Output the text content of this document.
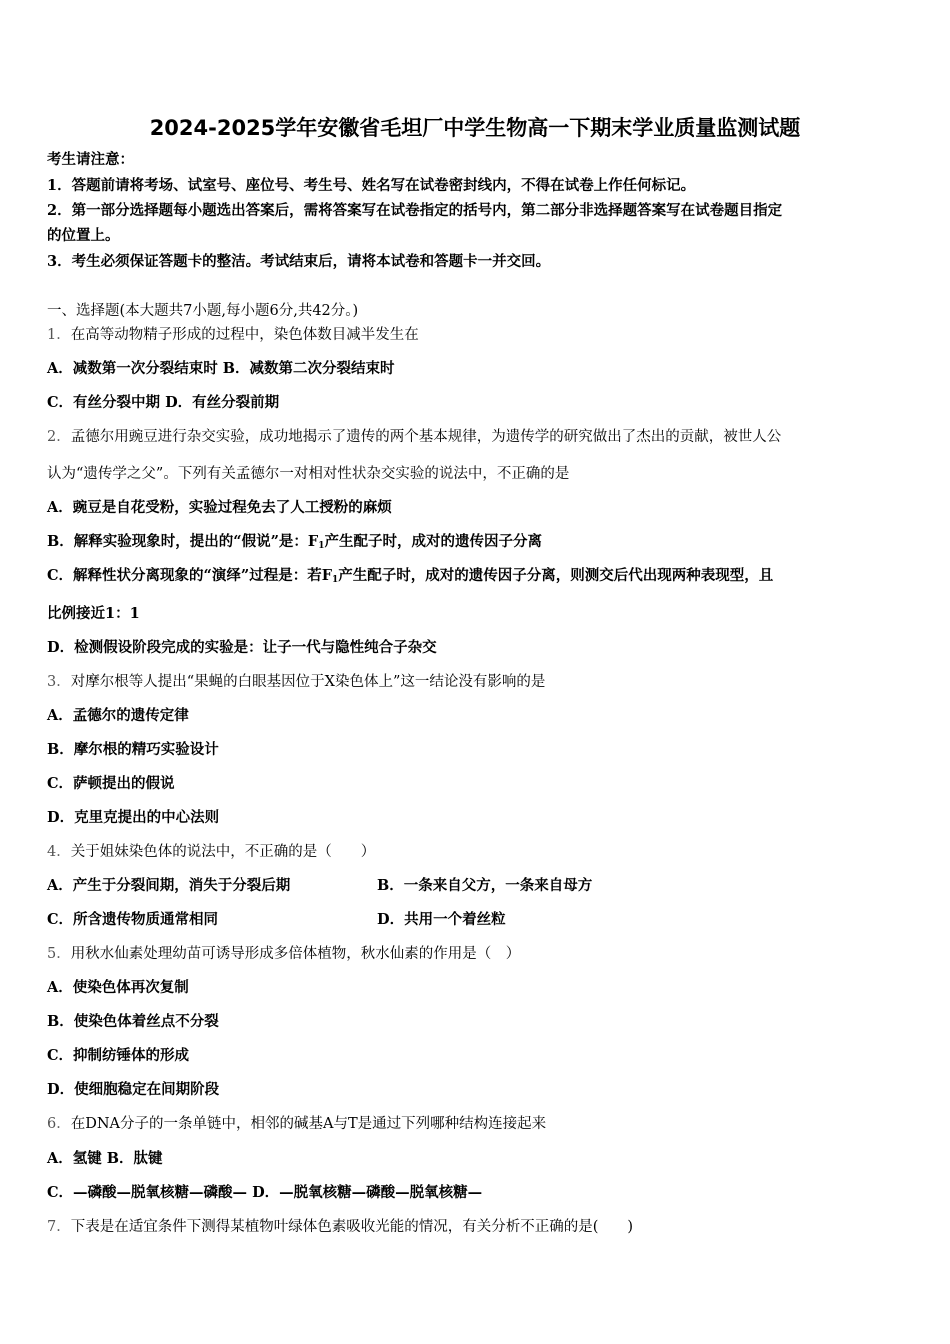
2024-2025学年安徽省毛坦厂中学生物高一下期末学业质量监测试题
考生请注意：
1．答题前请将考场、试室号、座位号、考生号、姓名写在试卷密封线内，不得在试卷上作任何标记。
2．第一部分选择题每小题选出答案后，需将答案写在试卷指定的括号内，第二部分非选择题答案写在试卷题目指定
的位置上。
3．考生必须保证答题卡的整洁。考试结束后，请将本试卷和答题卡一并交回。
一、选择题(本大题共7小题,每小题6分,共42分。)
1．在高等动物精子形成的过程中，染色体数目减半发生在
A．减数第一次分裂结束时 B．减数第二次分裂结束时
C．有丝分裂中期 D．有丝分裂前期
2．孟德尔用豌豆进行杂交实验，成功地揭示了遗传的两个基本规律，为遗传学的研究做出了杰出的贡献，被世人公
认为“遗传学之父”。下列有关孟德尔一对相对性状杂交实验的说法中，不正确的是
A．豌豆是自花受粉，实验过程免去了人工授粉的麻烦
B．解释实验现象时，提出的“假说”是：$F_1$产生配子时，成对的遗传因子分离
C．解释性状分离现象的“演绎”过程是：若$F_1$产生配子时，成对的遗传因子分离，则测交后代出现两种表现型，且
比例接近1：1
D．检测假设阶段完成的实验是：让子一代与隐性纯合子杂交
3．对摩尔根等人提出“果蝇的白眼基因位于X染色体上”这一结论没有影响的是
A．孟德尔的遗传定律
B．摩尔根的精巧实验设计
C．萨顿提出的假说
D．克里克提出的中心法则
4．关于姐妹染色体的说法中，不正确的是（　　）
A．产生于分裂间期，消失于分裂后期	B．一条来自父方，一条来自母方
C．所含遗传物质通常相同	D．共用一个着丝粒
5．用秋水仙素处理幼苗可诱导形成多倍体植物，秋水仙素的作用是（　）
A．使染色体再次复制
B．使染色体着丝点不分裂
C．抑制纺锤体的形成
D．使细胞稳定在间期阶段
6．在DNA分子的一条单链中，相邻的碱基A与T是通过下列哪种结构连接起来
A．氢键 B．肽键
C．—磷酸—脱氧核糖—磷酸— D．—脱氧核糖—磷酸—脱氧核糖—
7．下表是在适宜条件下测得某植物叶绿体色素吸收光能的情况，有关分析不正确的是(　　)
